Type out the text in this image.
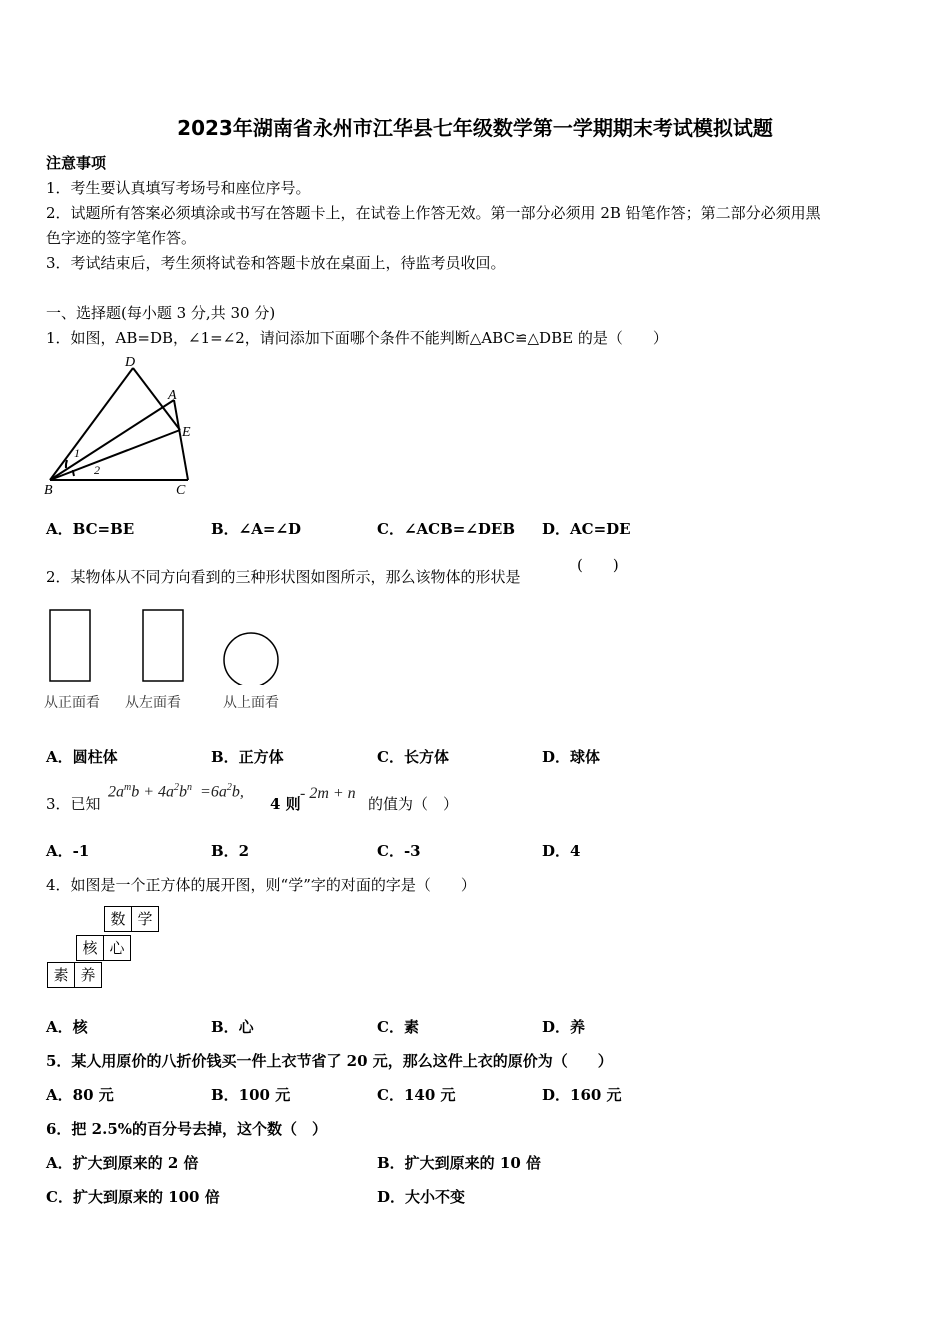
2023年湖南省永州市江华县七年级数学第一学期期末考试模拟试题
注意事项
1．考生要认真填写考场号和座位序号。
2．试题所有答案必须填涂或书写在答题卡上，在试卷上作答无效。第一部分必须用 2B 铅笔作答；第二部分必须用黑
色字迹的签字笔作答。
3．考试结束后，考生须将试卷和答题卡放在桌面上，待监考员收回。
一、选择题(每小题 3 分,共 30 分)
1．如图，AB=DB，∠1=∠2，请问添加下面哪个条件不能判断△ABC≌△DBE 的是（　　）
D
A
E
B	C
1
2
A．BC=BE	B．∠A=∠D	C．∠ACB=∠DEB D．AC=DE
2．某物体从不同方向看到的三种形状图如图所示，那么该物体的形状是
(　　)
从正面看 从左面看	从上面看
A．圆柱体	B．正方体	C．长方体	D．球体
3．已知
$2a^mb + 4a^2b^n =6a^2b$,
4 则
- 2m + n
的值为（　）
A．-1	B．2	C．-3	D．4
4．如图是一个正方体的展开图，则“学”字的对面的字是（　　）
数 学
核 心
素 养
A．核	B．心	C．素	D．养
5．某人用原价的八折价钱买一件上衣节省了 20 元，那么这件上衣的原价为（　　）
A．80 元	B．100 元	C．140 元	D．160 元
6．把 2.5%的百分号去掉，这个数（　）
A．扩大到原来的 2 倍	B．扩大到原来的 10 倍
C．扩大到原来的 100 倍	D．大小不变
